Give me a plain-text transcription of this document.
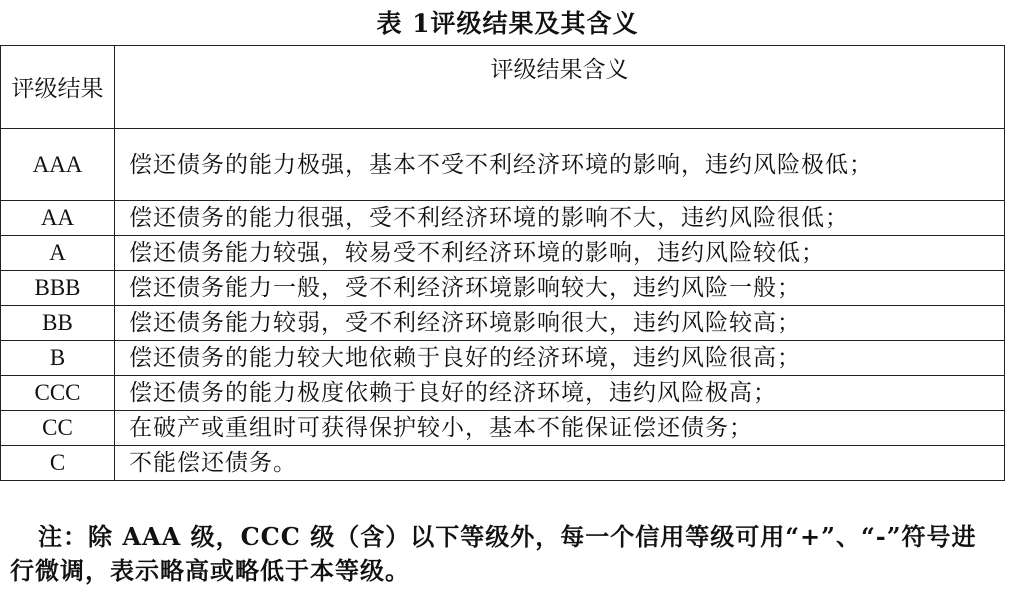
表 1评级结果及其含义
评级结果	评级结果含义
AAA	偿还债务的能力极强，基本不受不利经济环境的影响，违约风险极低；
AA	偿还债务的能力很强，受不利经济环境的影响不大，违约风险很低；
A	偿还债务能力较强，较易受不利经济环境的影响，违约风险较低；
BBB	偿还债务能力一般，受不利经济环境影响较大，违约风险一般；
BB	偿还债务能力较弱，受不利经济环境影响很大，违约风险较高；
B	偿还债务的能力较大地依赖于良好的经济环境，违约风险很高；
CCC	偿还债务的能力极度依赖于良好的经济环境，违约风险极高；
CC	在破产或重组时可获得保护较小，基本不能保证偿还债务；
C	不能偿还债务。
注：除 AAA 级，CCC 级（含）以下等级外，每一个信用等级可用“+”、“-”符号进行微调，表示略高或略低于本等级。
